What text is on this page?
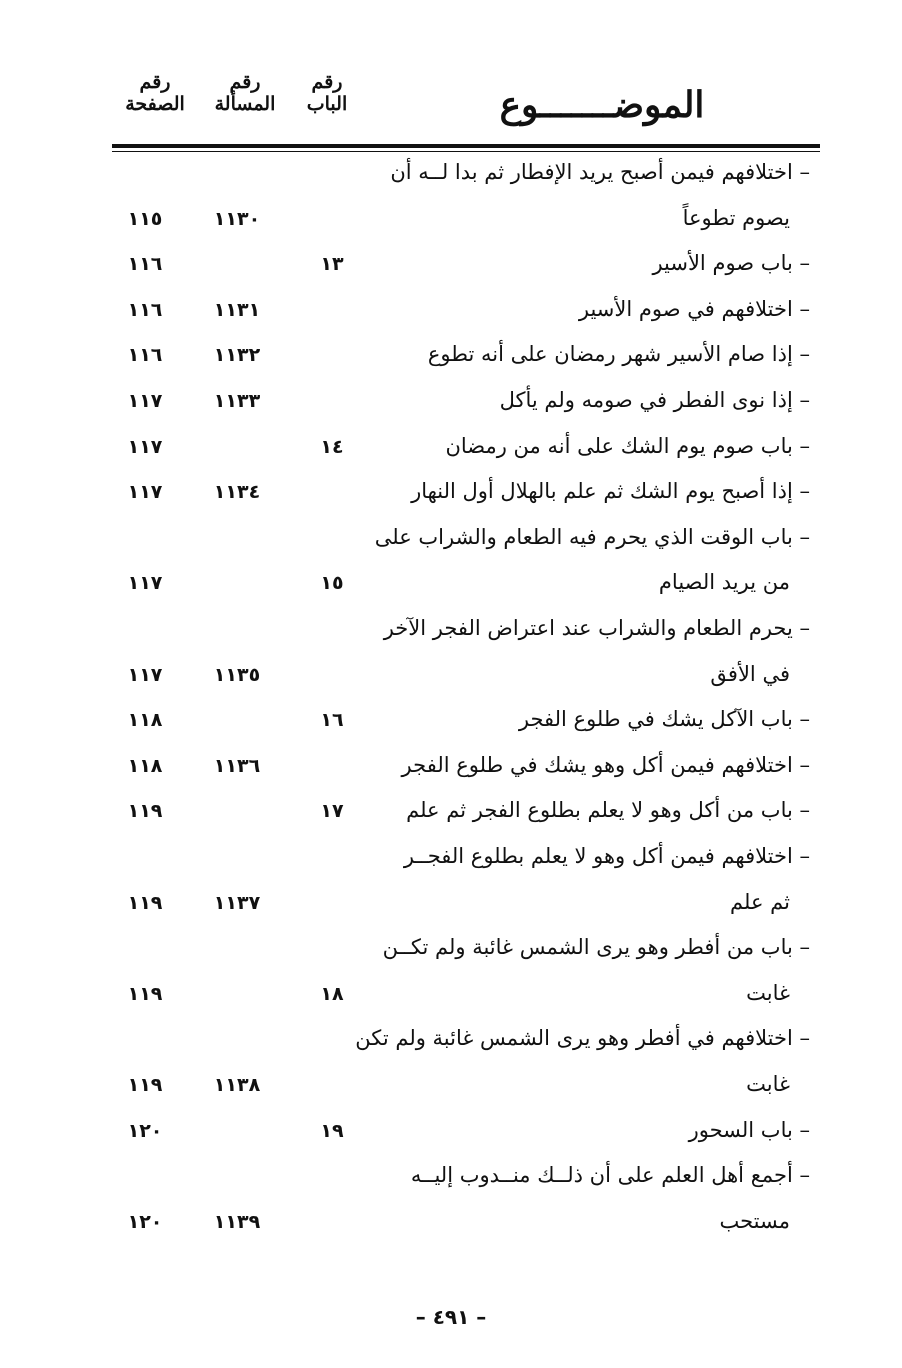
رقم
الباب
رقم
المسألة
رقم
الصفحة	الموضـــــــوع
– اختلافهم فيمن أصبح يريد الإفطار ثم بدا لــه أن
يصوم تطوعاً
١١٣٠
١١٥
– باب صوم الأسير
١٣
١١٦
– اختلافهم في صوم الأسير
١١٣١
١١٦
– إذا صام الأسير شهر رمضان على أنه تطوع
١١٣٢
١١٦
– إذا نوى الفطر في صومه ولم يأكل
١١٣٣
١١٧
– باب صوم يوم الشك على أنه من رمضان
١٤
١١٧
– إذا أصبح يوم الشك ثم علم بالهلال أول النهار
١١٣٤
١١٧
– باب الوقت الذي يحرم فيه الطعام والشراب على
من يريد الصيام
١٥
١١٧
– يحرم الطعام والشراب عند اعتراض الفجر الآخر
في الأفق
١١٣٥
١١٧
– باب الآكل يشك في طلوع الفجر
١٦
١١٨
– اختلافهم فيمن أكل وهو يشك في طلوع الفجر
١١٣٦
١١٨
– باب من أكل وهو لا يعلم بطلوع الفجر ثم علم
١٧
١١٩
– اختلافهم فيمن أكل وهو لا يعلم بطلوع الفجــر
ثم علم
١١٣٧
١١٩
– باب من أفطر وهو يرى الشمس غائبة ولم تكــن
غابت
١٨
١١٩
– اختلافهم في أفطر وهو يرى الشمس غائبة ولم تكن
غابت
١١٣٨
١١٩
– باب السحور
١٩
١٢٠
– أجمع أهل العلم على أن ذلــك منــدوب إليــه
مستحب
١١٣٩
١٢٠
– ٤٩١ –
